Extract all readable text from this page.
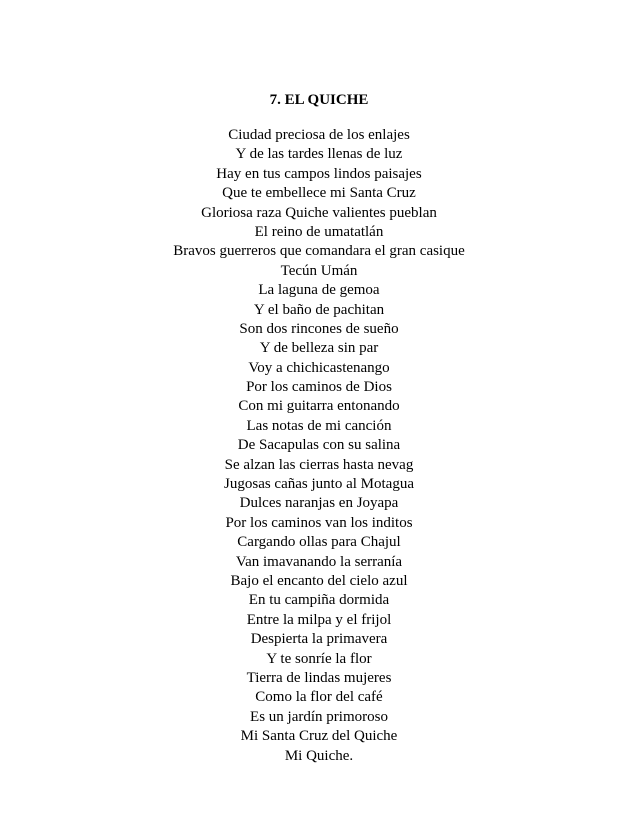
7. EL QUICHE
Ciudad preciosa de los enlajes
Y de las tardes llenas de luz
Hay en tus campos lindos paisajes
Que te embellece mi Santa Cruz
Gloriosa raza Quiche valientes pueblan
El reino de umatatlán
Bravos guerreros que comandara el gran casique
Tecún Umán
La laguna de gemoa
Y el baño de pachitan
Son dos rincones de sueño
Y de belleza sin par
Voy a chichicastenango
Por los caminos de Dios
Con mi guitarra entonando
Las notas de mi canción
De Sacapulas con su salina
Se alzan las cierras hasta nevag
Jugosas cañas junto al Motagua
Dulces naranjas en Joyapa
Por los caminos van los inditos
Cargando ollas para Chajul
Van imavanando la serranía
Bajo el encanto del cielo azul
En tu campiña dormida
Entre la milpa y el frijol
Despierta la primavera
Y te sonríe la flor
Tierra de lindas mujeres
Como la flor del café
Es un jardín primoroso
Mi Santa Cruz del Quiche
Mi Quiche.
